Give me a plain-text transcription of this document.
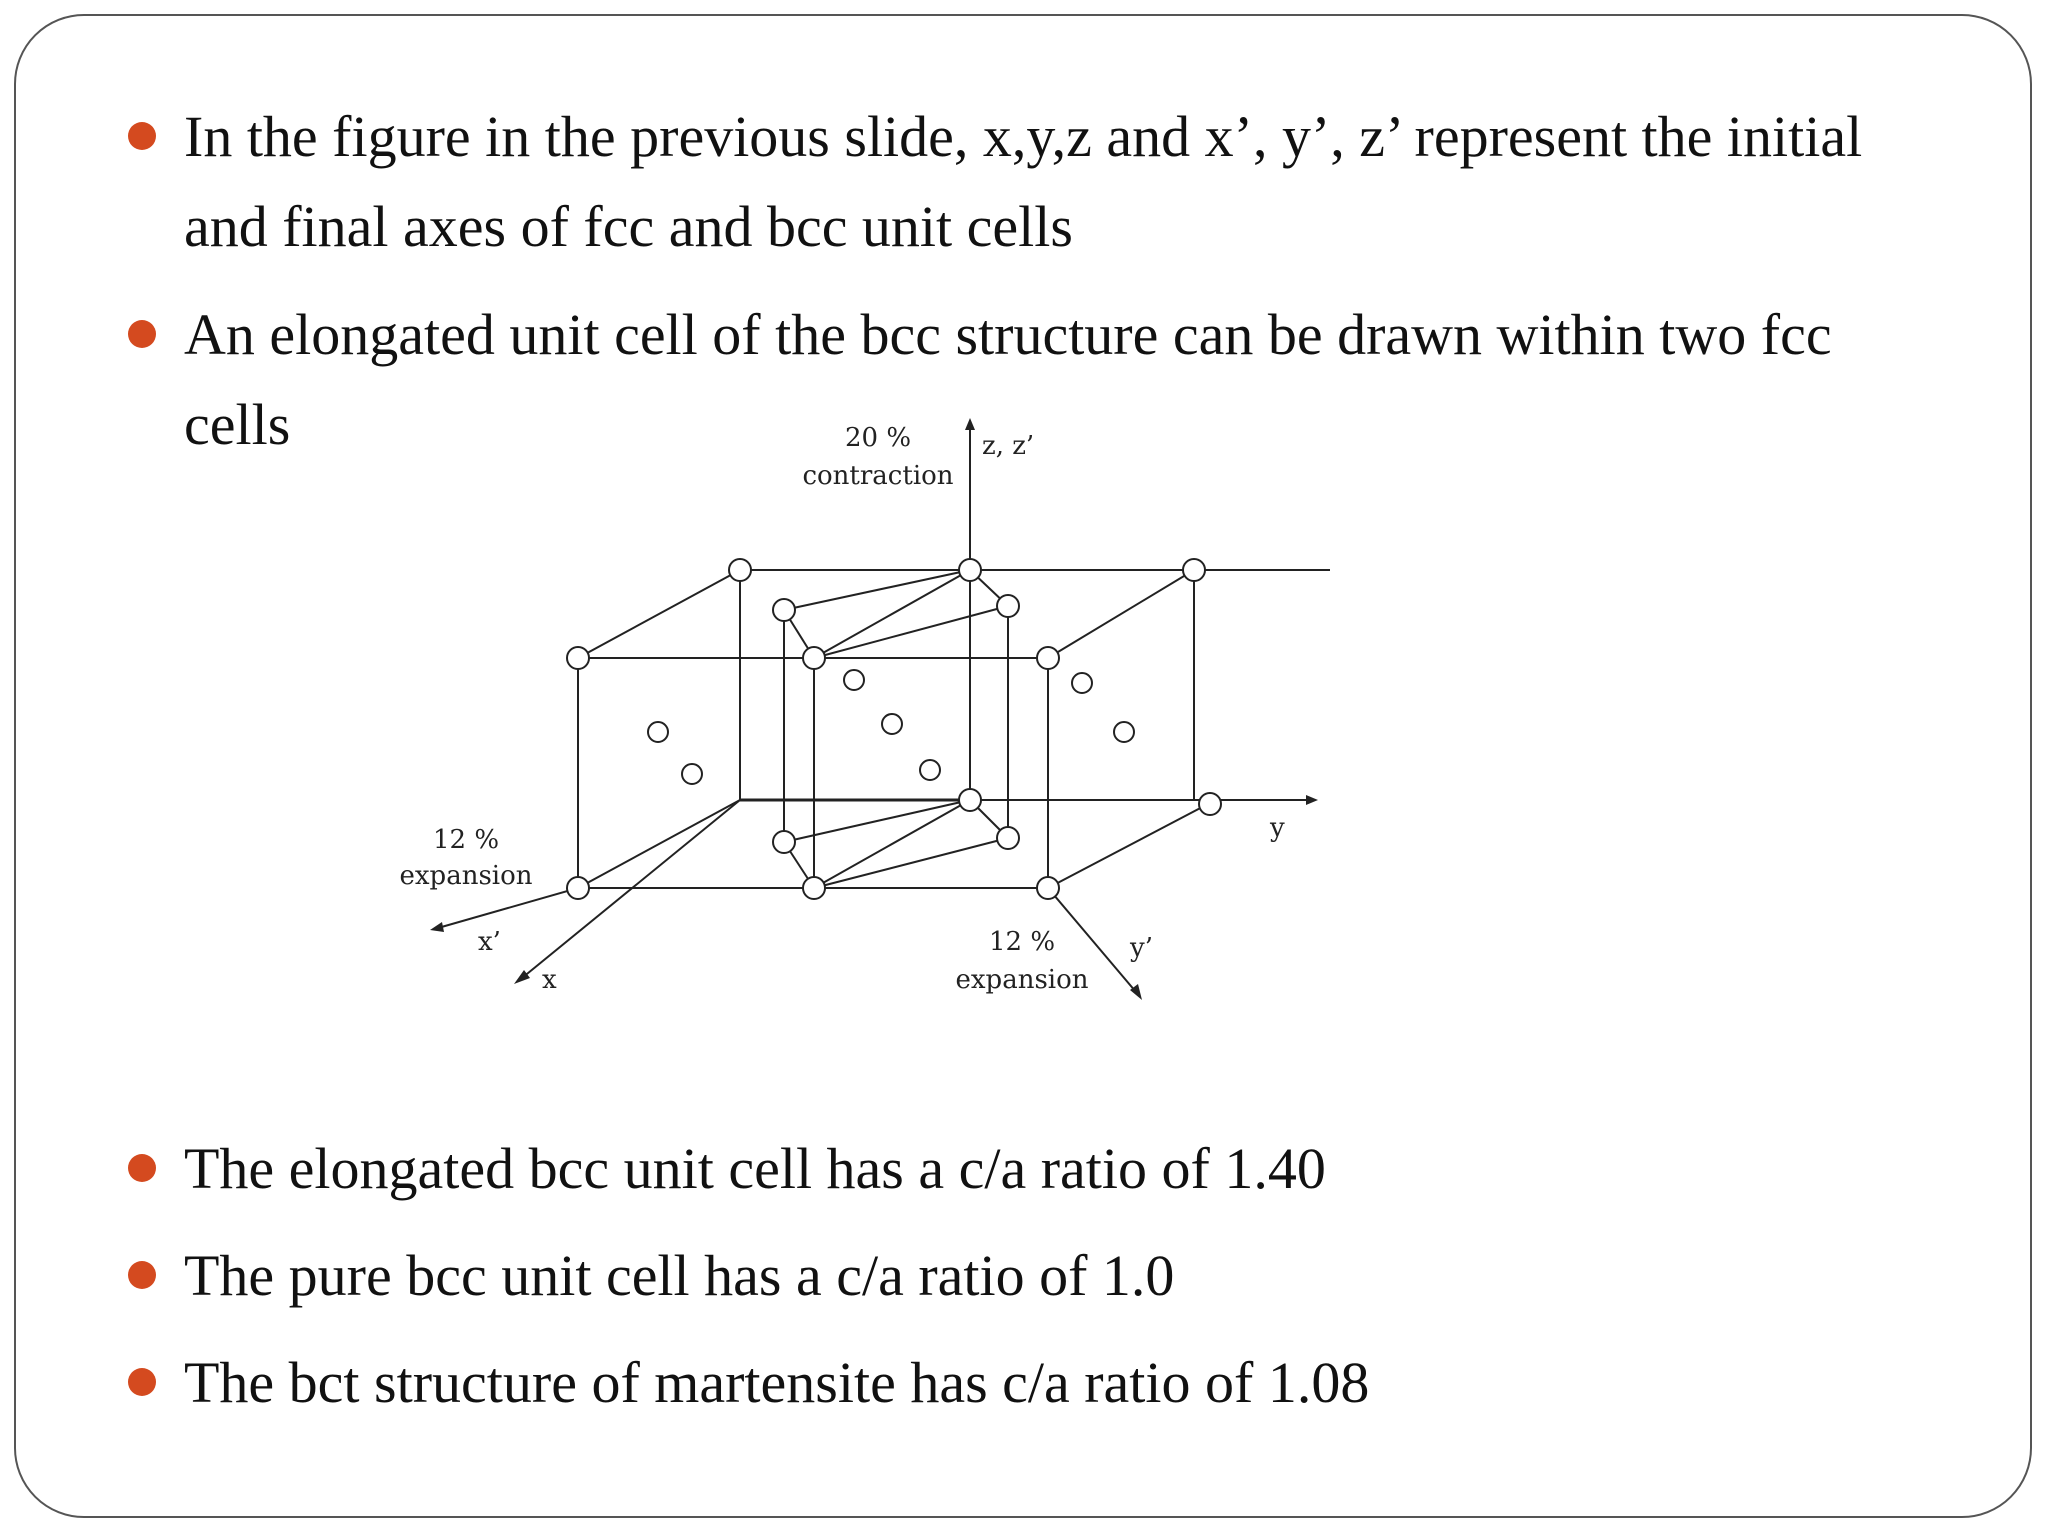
In the figure in the previous slide, x,y,z and x’, y’, z’ represent the initial and final axes of fcc and bcc unit cells
An elongated unit cell of the bcc structure can be drawn within two fcc cells	20 %
contraction
z, z’
12 %
expansion
x’
x
y
12 %
expansion
y’
The elongated bcc unit cell has a c/a ratio of 1.40
The pure bcc unit cell has a c/a ratio of 1.0
The bct structure of martensite has c/a ratio of 1.08
